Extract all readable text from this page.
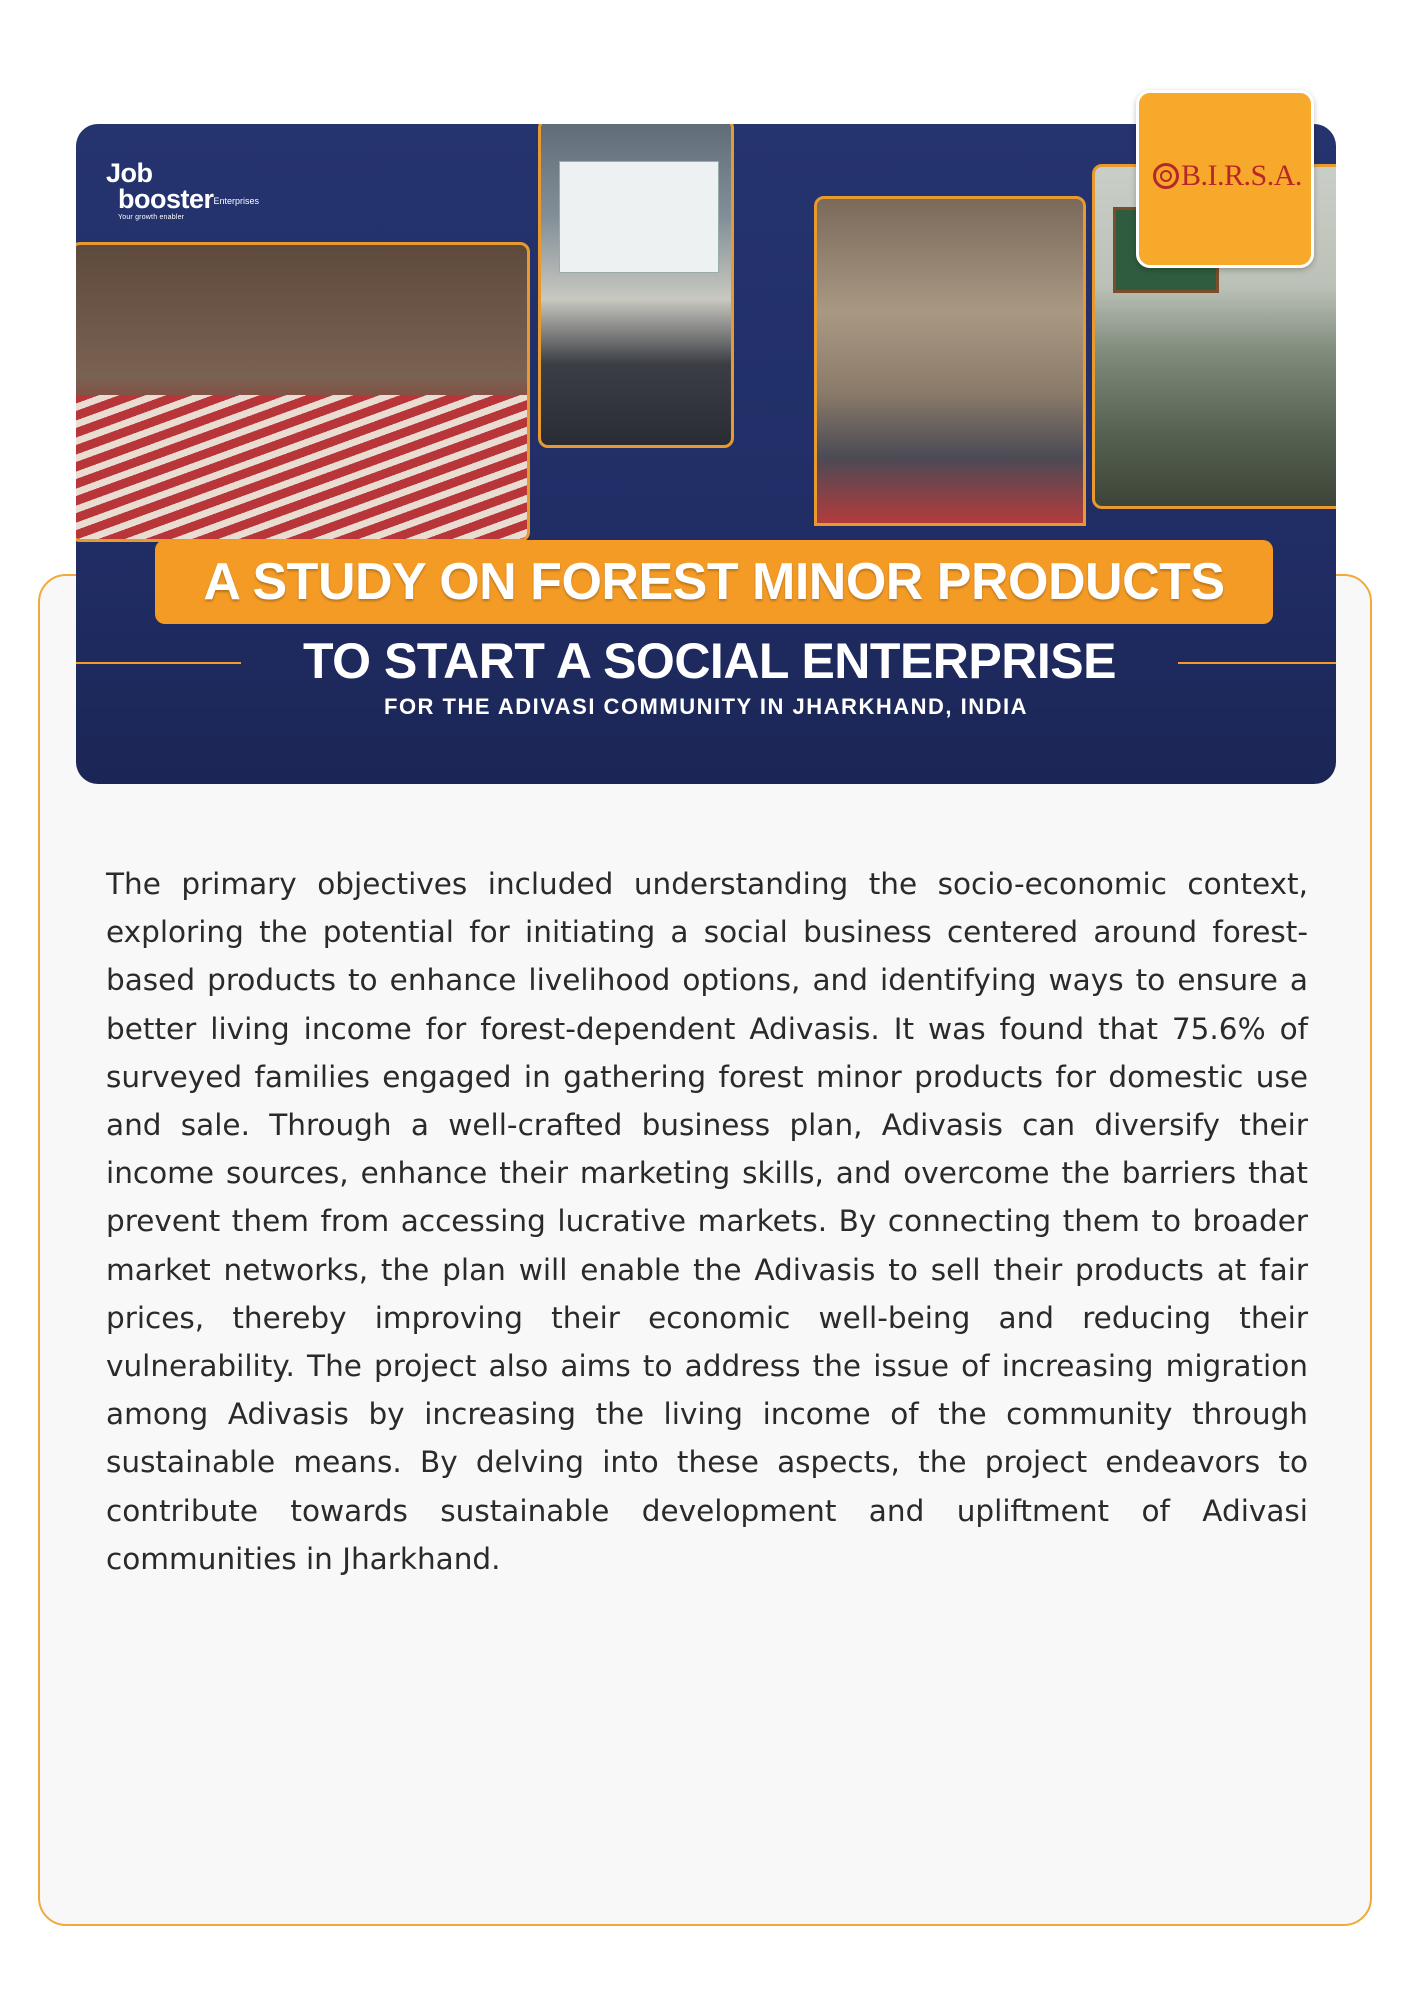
Job
boosterEnterprises
Your growth enabler
A STUDY ON FOREST MINOR PRODUCTS
TO START A SOCIAL ENTERPRISE
FOR THE ADIVASI COMMUNITY IN JHARKHAND, INDIA
B.I.R.S.A.

The primary objectives included understanding the socio-economic context, exploring the potential for initiating a social business centered around forest-based products to enhance livelihood options, and identifying ways to ensure a better living income for forest-dependent Adivasis. It was found that 75.6% of surveyed families engaged in gathering forest minor products for domestic use and sale. Through a well-crafted business plan, Adivasis can diversify their income sources, enhance their marketing skills, and overcome the barriers that prevent them from accessing lucrative markets. By connecting them to broader market networks, the plan will enable the Adivasis to sell their products at fair prices, thereby improving their economic well-being and reducing their vulnerability. The project also aims to address the issue of increasing migration among Adivasis by increasing the living income of the community through sustainable means. By delving into these aspects, the project endeavors to contribute towards sustainable development and upliftment of Adivasi communities in Jharkhand.
